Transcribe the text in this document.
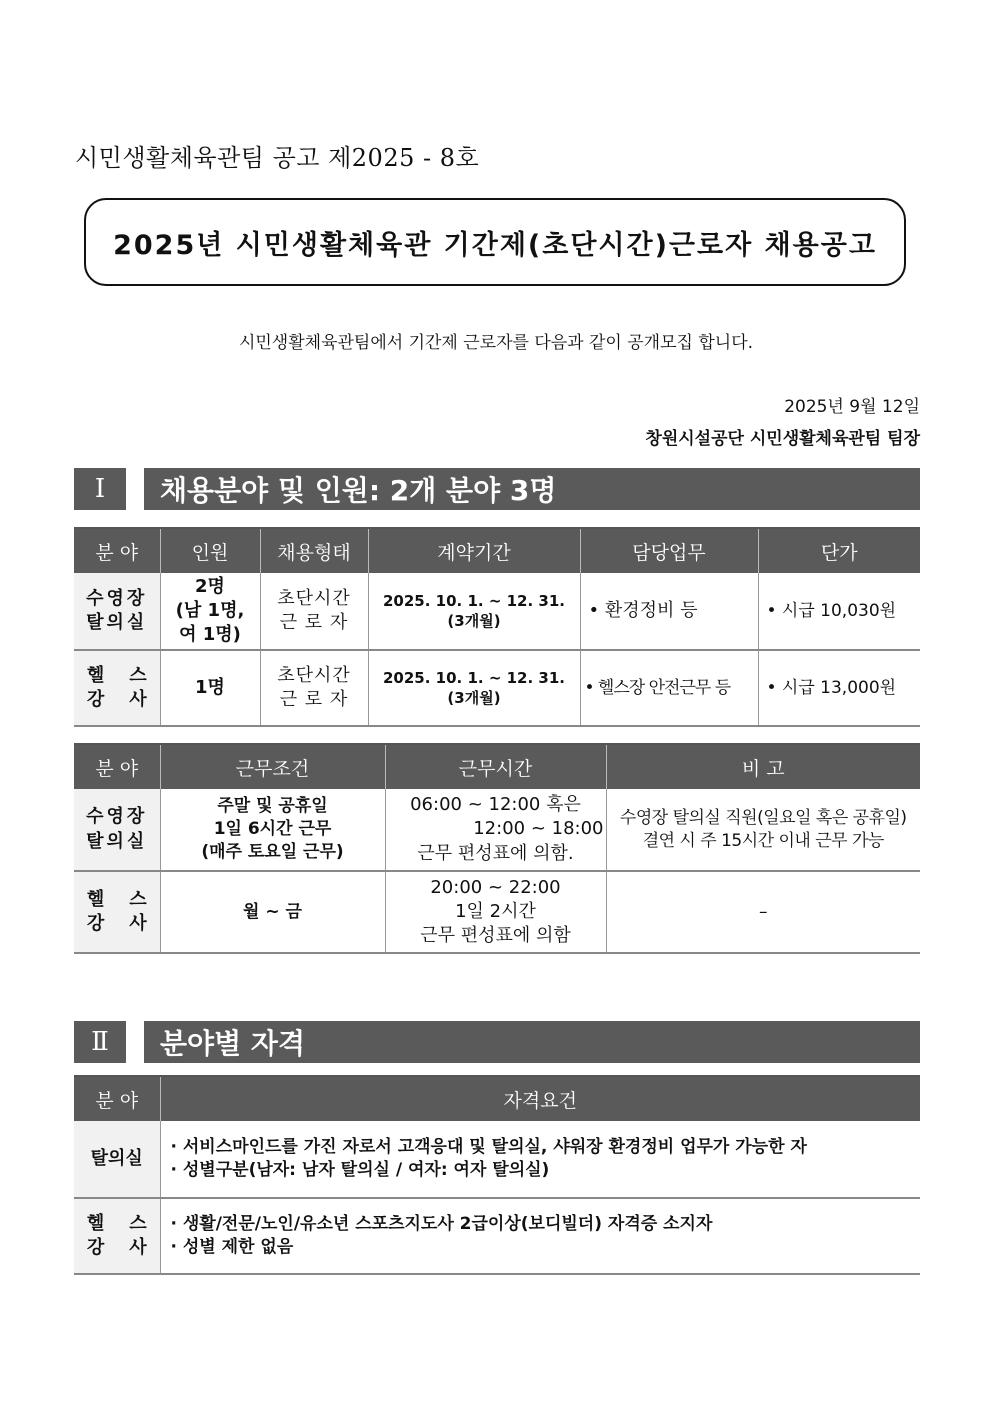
시민생활체육관팀 공고 제2025 - 8호
2025년 시민생활체육관 기간제(초단시간)근로자 채용공고
시민생활체육관팀에서 기간제 근로자를 다음과 같이 공개모집 합니다.
2025년 9월 12일
창원시설공단 시민생활체육관팀 팀장
Ⅰ	채용분야 및 인원: 2개 분야 3명
분 야	인원	채용형태	계약기간	담당업무	단가

수영장
탈의실	2명
(남 1명,
여 1명)	초단시간
근 로 자	2025. 10. 1. ~ 12. 31.
(3개월)	• 환경정비 등	• 시급 10,030원

헬    스
강    사	1명	초단시간
근 로 자	2025. 10. 1. ~ 12. 31.
(3개월)	• 헬스장 안전근무 등	• 시급 13,000원
분 야	근무조건	근무시간	비 고

수영장
탈의실	주말 및 공휴일
1일 6시간 근무
(매주 토요일 근무)	06:00 ~ 12:00 혹은
12:00 ~ 18:00
근무 편성표에 의함.	수영장 탈의실 직원(일요일 혹은 공휴일)
결연 시 주 15시간 이내 근무 가능

헬    스
강    사	월 ~ 금	20:00 ~ 22:00
1일 2시간
근무 편성표에 의함	–
Ⅱ	분야별 자격
분 야	자격요건
탈의실	· 서비스마인드를 가진 자로서 고객응대 및 탈의실, 샤워장 환경정비 업무가 가능한 자
· 성별구분(남자: 남자 탈의실 / 여자: 여자 탈의실)

헬    스
강    사	· 생활/전문/노인/유소년 스포츠지도사 2급이상(보디빌더) 자격증 소지자
· 성별 제한 없음
